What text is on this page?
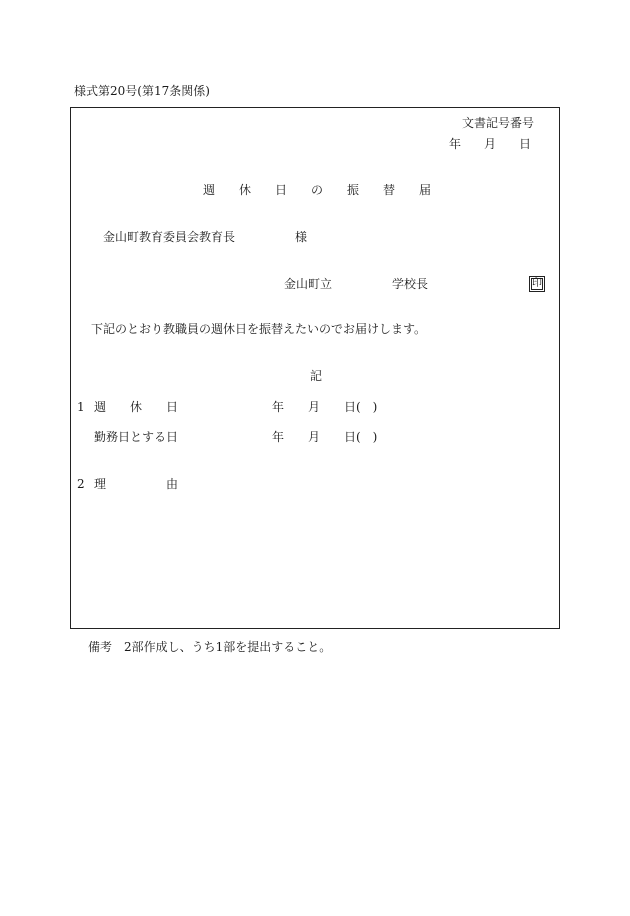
様式第20号(第17条関係)
文書記号番号
年 月 日
週　　休　　日　　の　　振　　替　　届
金山町教育委員会教育長　　　　　様
金山町立　　　　　学校長	印
下記のとおり教職員の週休日を振替えたいのでお届けします。
記
1 週　　休　　日	年　　月　　日(　)
勤務日とする日	年　　月　　日(　)
2 理　　　　　由
備考　2部作成し、うち1部を提出すること。
